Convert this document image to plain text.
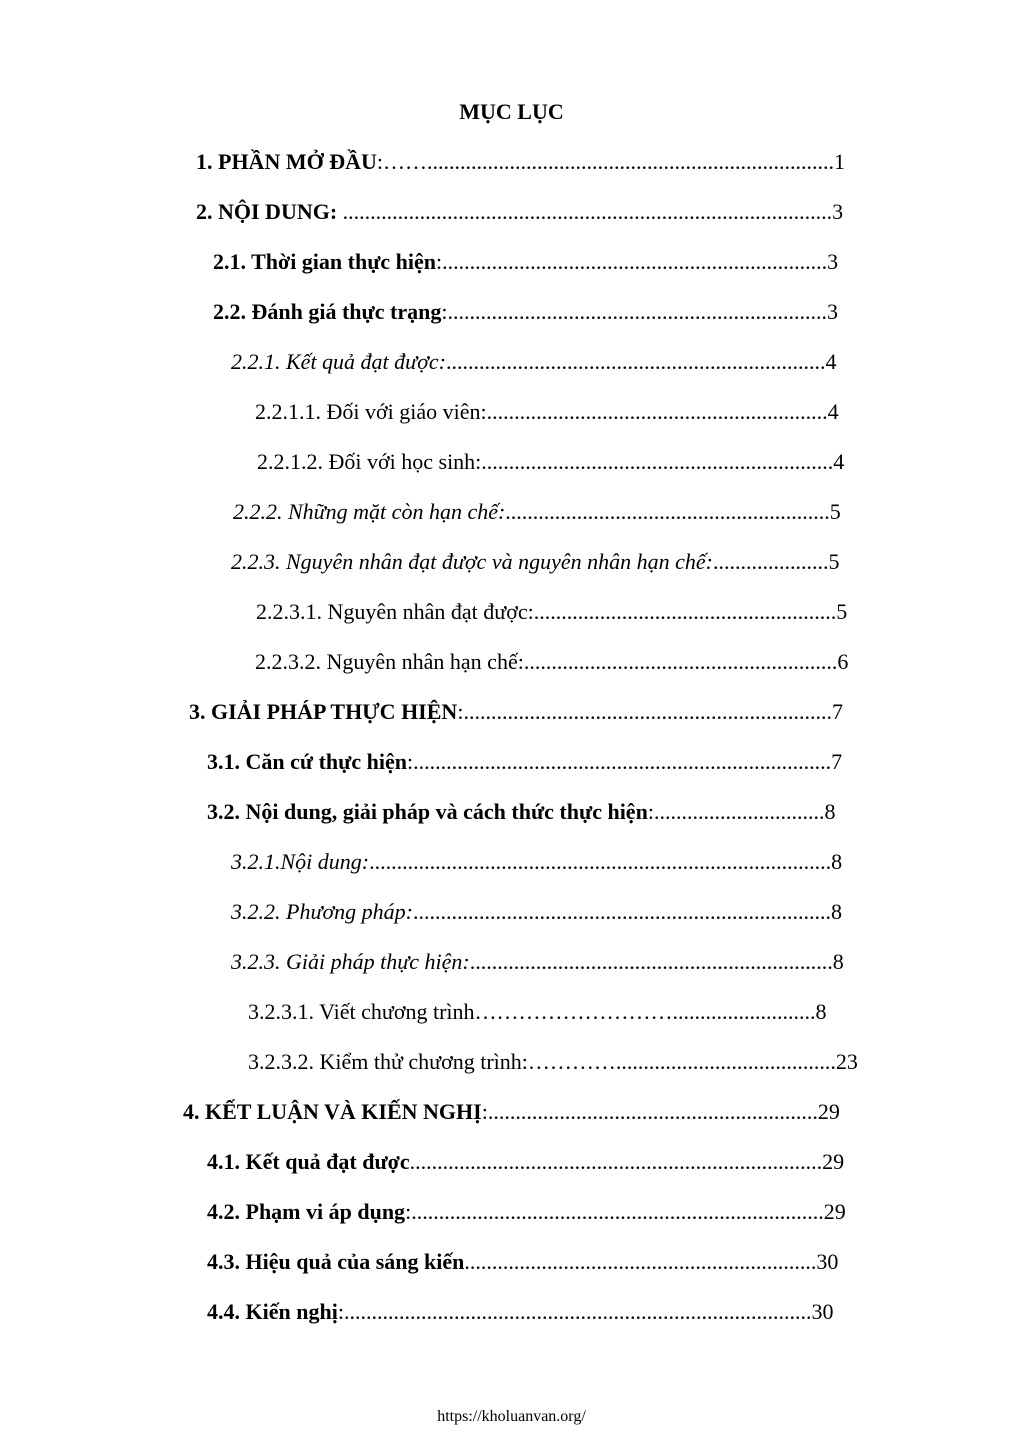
MỤC LỤC
1. PHẦN MỞ ĐẦU:……..........................................................................1
2. NỘI DUNG: .........................................................................................3
2.1. Thời gian thực hiện:......................................................................3
2.2. Đánh giá thực trạng:.....................................................................3
2.2.1. Kết quả đạt được:.....................................................................4
2.2.1.1. Đối với giáo viên:..............................................................4
2.2.1.2. Đối với học sinh:................................................................4
2.2.2. Những mặt còn hạn chế:...........................................................5
2.2.3. Nguyên nhân đạt được và nguyên nhân hạn chế:.....................5
2.2.3.1. Nguyên nhân đạt được:.......................................................5
2.2.3.2. Nguyên nhân hạn chế:.........................................................6
3. GIẢI PHÁP THỰC HIỆN:...................................................................7
3.1. Căn cứ thực hiện:............................................................................7
3.2. Nội dung, giải pháp và cách thức thực hiện:...............................8
3.2.1.Nội dung:....................................................................................8
3.2.2. Phương pháp:............................................................................8
3.2.3. Giải pháp thực hiện:..................................................................8
3.2.3.1. Viết chương trình………………………..........................8
3.2.3.2. Kiểm thử chương trình:…………........................................23
4. KẾT LUẬN VÀ KIẾN NGHỊ:............................................................29
4.1. Kết quả đạt được...........................................................................29
4.2. Phạm vi áp dụng:...........................................................................29
4.3. Hiệu quả của sáng kiến................................................................30
4.4. Kiến nghị:.....................................................................................30
https://kholuanvan.org/
